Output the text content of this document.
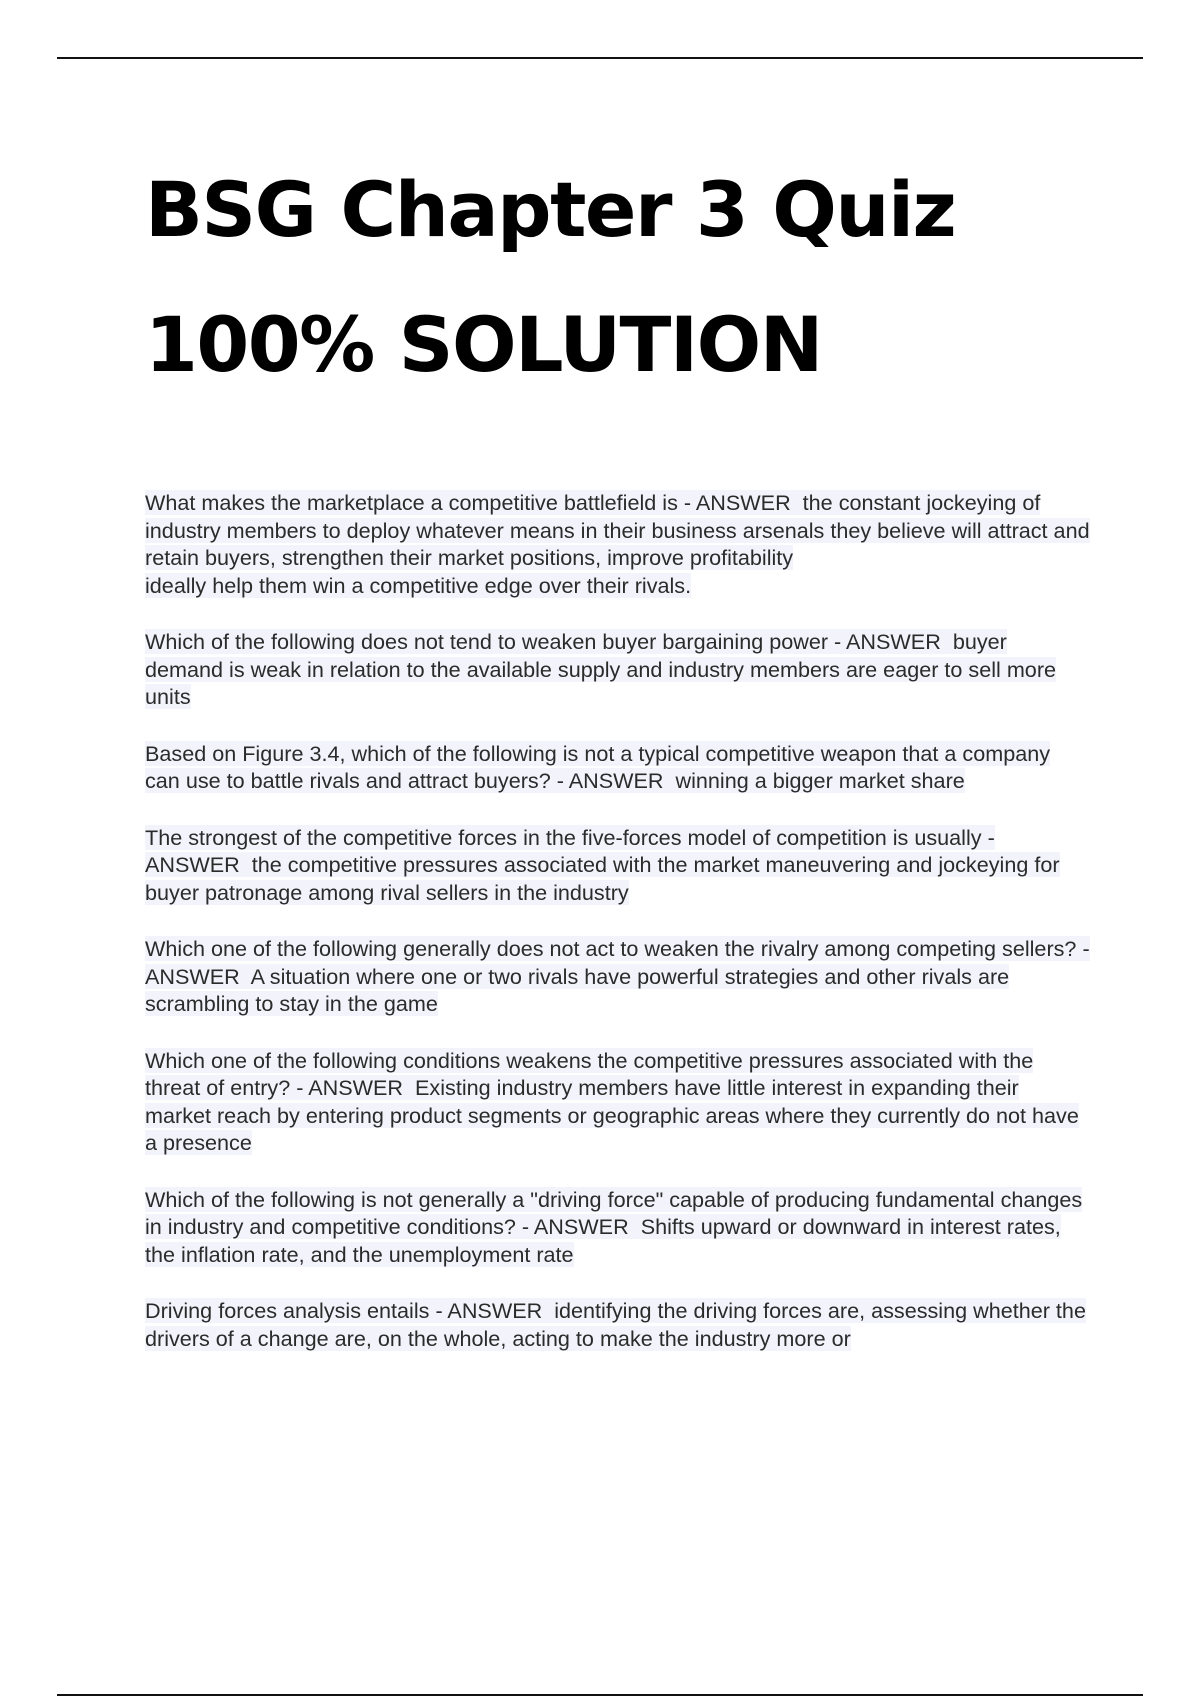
BSG Chapter 3 Quiz
100% SOLUTION

What makes the marketplace a competitive battlefield is - ANSWER the constant jockeying of industry members to deploy whatever means in their business arsenals they believe will attract and retain buyers, strengthen their market positions, improve profitability
ideally help them win a competitive edge over their rivals.

Which of the following does not tend to weaken buyer bargaining power - ANSWER buyer demand is weak in relation to the available supply and industry members are eager to sell more units

Based on Figure 3.4, which of the following is not a typical competitive weapon that a company can use to battle rivals and attract buyers? - ANSWER winning a bigger market share

The strongest of the competitive forces in the five-forces model of competition is usually - ANSWER the competitive pressures associated with the market maneuvering and jockeying for buyer patronage among rival sellers in the industry

Which one of the following generally does not act to weaken the rivalry among competing sellers? - ANSWER A situation where one or two rivals have powerful strategies and other rivals are scrambling to stay in the game

Which one of the following conditions weakens the competitive pressures associated with the threat of entry? - ANSWER Existing industry members have little interest in expanding their market reach by entering product segments or geographic areas where they currently do not have a presence

Which of the following is not generally a "driving force" capable of producing fundamental changes in industry and competitive conditions? - ANSWER Shifts upward or downward in interest rates, the inflation rate, and the unemployment rate

Driving forces analysis entails - ANSWER identifying the driving forces are, assessing whether the drivers of a change are, on the whole, acting to make the industry more or
